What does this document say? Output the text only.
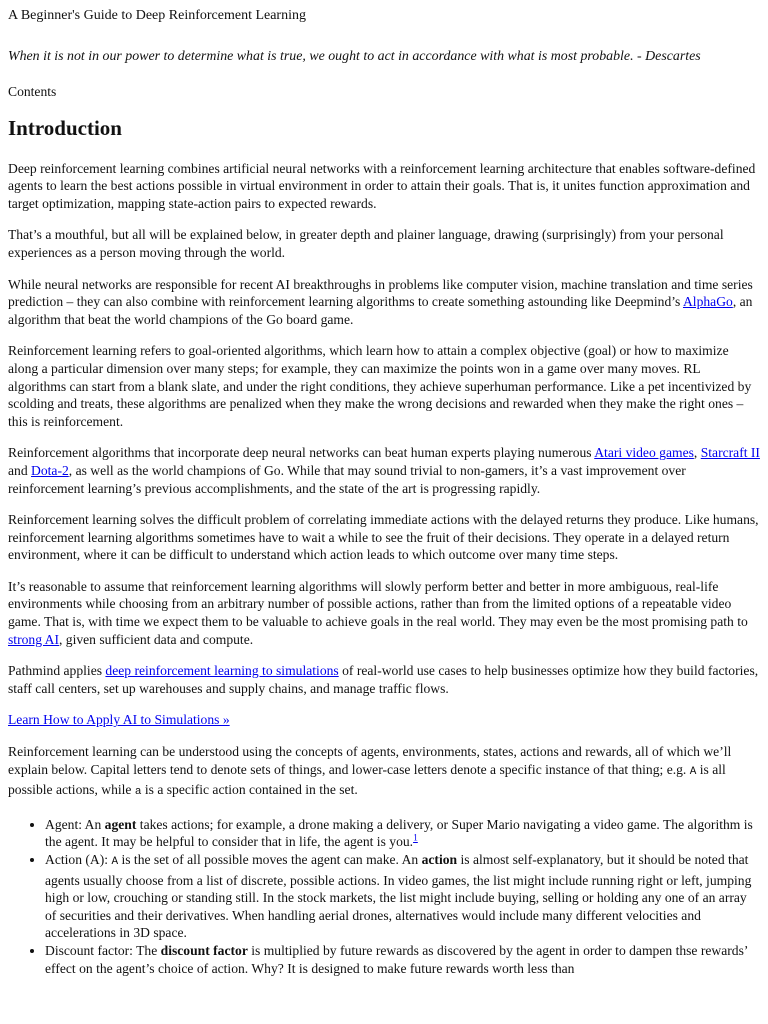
A Beginner's Guide to Deep Reinforcement Learning
When it is not in our power to determine what is true, we ought to act in accordance with what is most probable. - Descartes
Contents
Introduction

Deep reinforcement learning combines artificial neural networks with a reinforcement learning architecture that enables software-defined agents to learn the best actions possible in virtual environment in order to attain their goals. That is, it unites function approximation and target optimization, mapping state-action pairs to expected rewards.

That’s a mouthful, but all will be explained below, in greater depth and plainer language, drawing (surprisingly) from your personal experiences as a person moving through the world.

While neural networks are responsible for recent AI breakthroughs in problems like computer vision, machine translation and time series prediction – they can also combine with reinforcement learning algorithms to create something astounding like Deepmind’s AlphaGo, an algorithm that beat the world champions of the Go board game.

Reinforcement learning refers to goal-oriented algorithms, which learn how to attain a complex objective (goal) or how to maximize along a particular dimension over many steps; for example, they can maximize the points won in a game over many moves. RL algorithms can start from a blank slate, and under the right conditions, they achieve superhuman performance. Like a pet incentivized by scolding and treats, these algorithms are penalized when they make the wrong decisions and rewarded when they make the right ones – this is reinforcement.

Reinforcement algorithms that incorporate deep neural networks can beat human experts playing numerous Atari video games, Starcraft II and Dota-2, as well as the world champions of Go. While that may sound trivial to non-gamers, it’s a vast improvement over reinforcement learning’s previous accomplishments, and the state of the art is progressing rapidly.

Reinforcement learning solves the difficult problem of correlating immediate actions with the delayed returns they produce. Like humans, reinforcement learning algorithms sometimes have to wait a while to see the fruit of their decisions. They operate in a delayed return environment, where it can be difficult to understand which action leads to which outcome over many time steps.

It’s reasonable to assume that reinforcement learning algorithms will slowly perform better and better in more ambiguous, real-life environments while choosing from an arbitrary number of possible actions, rather than from the limited options of a repeatable video game. That is, with time we expect them to be valuable to achieve goals in the real world. They may even be the most promising path to strong AI, given sufficient data and compute.

Pathmind applies deep reinforcement learning to simulations of real-world use cases to help businesses optimize how they build factories, staff call centers, set up warehouses and supply chains, and manage traffic flows.

Learn How to Apply AI to Simulations »

Reinforcement learning can be understood using the concepts of agents, environments, states, actions and rewards, all of which we’ll explain below. Capital letters tend to denote sets of things, and lower-case letters denote a specific instance of that thing; e.g. A is all possible actions, while a is a specific action contained in the set.

• Agent: An agent takes actions; for example, a drone making a delivery, or Super Mario navigating a video game. The algorithm is the agent. It may be helpful to consider that in life, the agent is you.$^1$
• Action (A): A is the set of all possible moves the agent can make. An action is almost self-explanatory, but it should be noted that agents usually choose from a list of discrete, possible actions. In video games, the list might include running right or left, jumping high or low, crouching or standing still. In the stock markets, the list might include buying, selling or holding any one of an array of securities and their derivatives. When handling aerial drones, alternatives would include many different velocities and accelerations in 3D space.
• Discount factor: The discount factor is multiplied by future rewards as discovered by the agent in order to dampen thse rewards’ effect on the agent’s choice of action. Why? It is designed to make future rewards worth less than
